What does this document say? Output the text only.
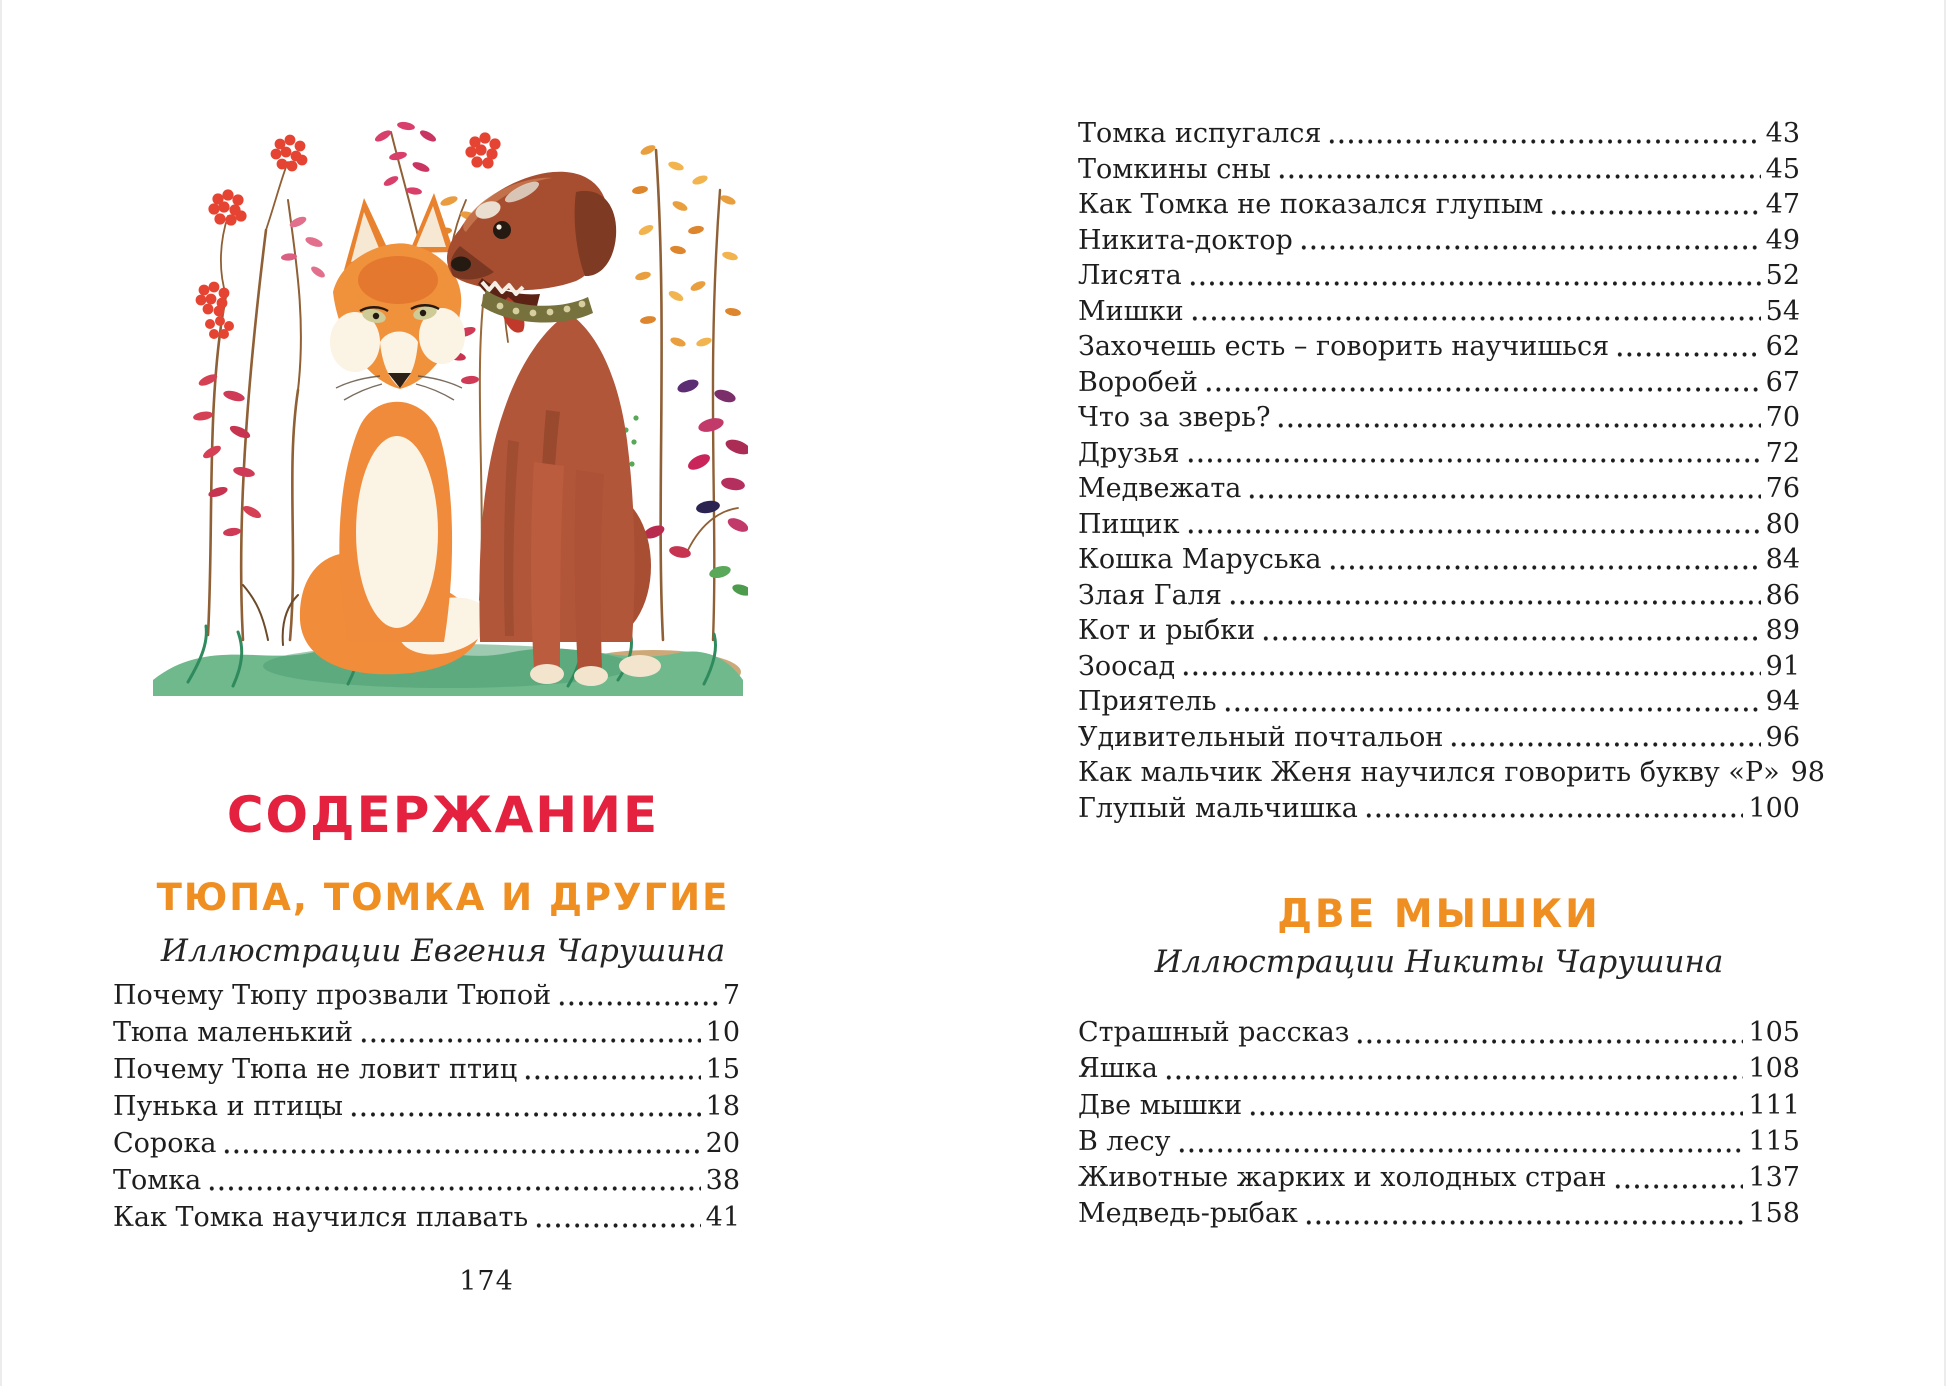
СОДЕРЖАНИЕ
ТЮПА, ТОМКА И ДРУГИЕ
Иллюстрации Евгения Чарушина
Почему Тюпу прозвали Тюпой	7
Тюпа маленький	10
Почему Тюпа не ловит птиц	15
Пунька и птицы	18
Сорока	20
Томка	38
Как Томка научился плавать	41
174
Томка испугался	43
Томкины сны	45
Как Томка не показался глупым	47
Никита-доктор	49
Лисята	52
Мишки	54
Захочешь есть – говорить научишься	62
Воробей	67
Что за зверь?	70
Друзья	72
Медвежата	76
Пищик	80
Кошка Маруська	84
Злая Галя	86
Кот и рыбки	89
Зоосад	91
Приятель	94
Удивительный почтальон	96
Как мальчик Женя научился говорить букву «Р» 98
Глупый мальчишка	100
ДВЕ МЫШКИ
Иллюстрации Никиты Чарушина
Страшный рассказ	105
Яшка	108
Две мышки	111
В лесу	115
Животные жарких и холодных стран	137
Медведь-рыбак	158
